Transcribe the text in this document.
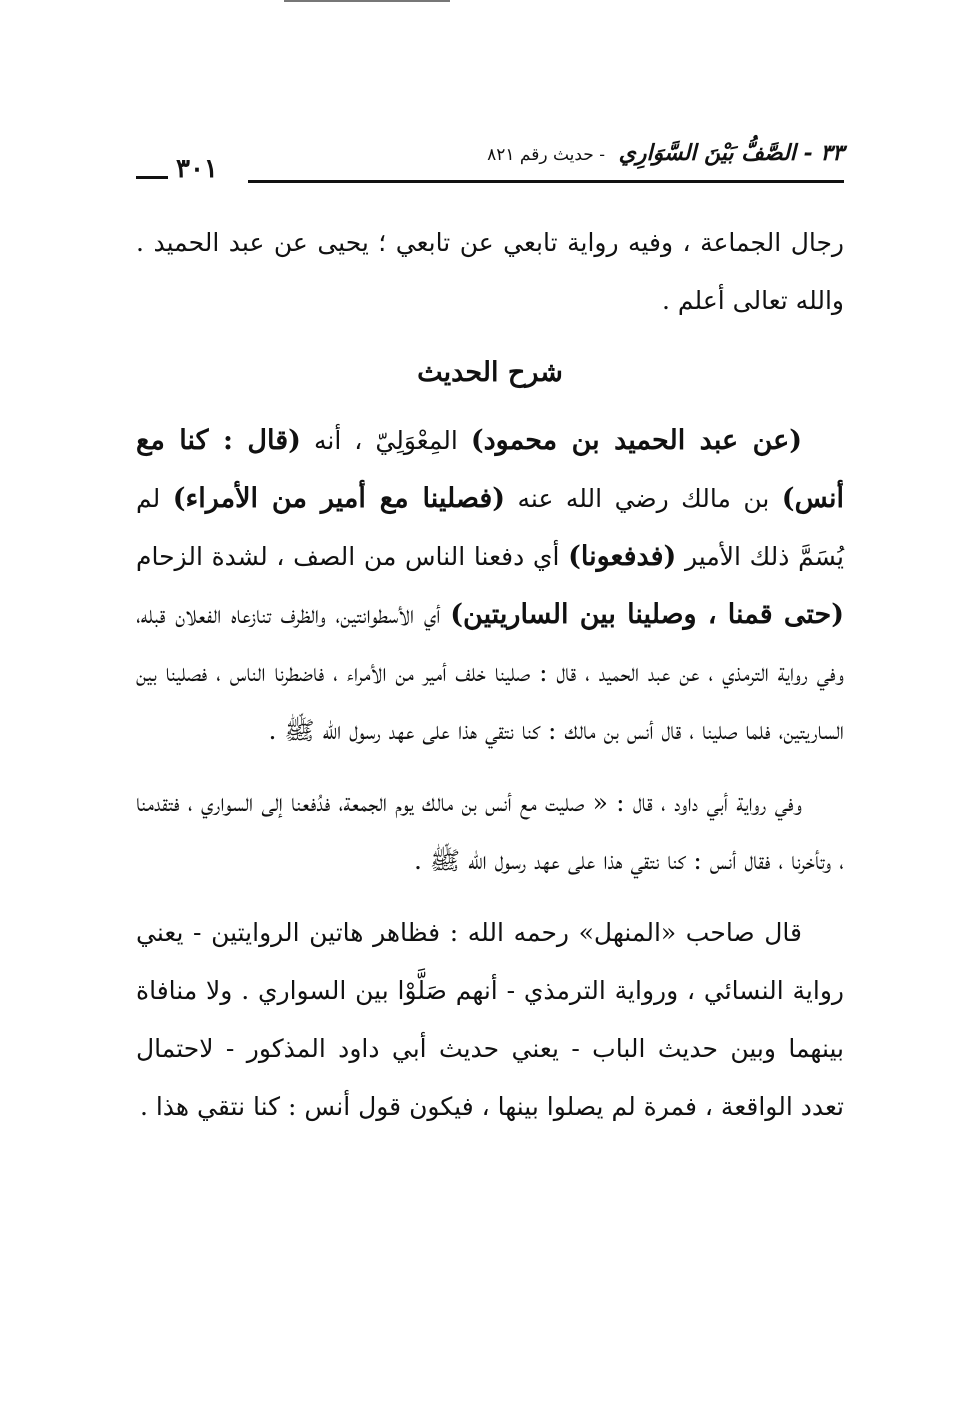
٣٣ - الصَّفُّ بَيْنَ السَّوَارِي - حديث رقم ٨٢١
٣٠١

رجال الجماعة ، وفيه رواية تابعي عن تابعي ؛ يحيى عن عبد الحميد . والله تعالى أعلم .

شرح الحديث

(عن عبد الحميد بن محمود) المِعْوَلِيّ ، أنه (قال : كنا مع أنس) بن مالك رضي الله عنه (فصلينا مع أمير من الأمراء) لم يُسَمَّ ذلك الأمير (فدفعونا) أي دفعنا الناس من الصف ، لشدة الزحام (حتى قمنا ، وصلينا بين الساريتين) أي الأسطوانتين، والظرف تنازعاه الفعلان قبله، وفي رواية الترمذي ، عن عبد الحميد ، قال : صلينا خلف أمير من الأمراء ، فاضطرنا الناس ، فصلينا بين الساريتين، فلما صلينا ، قال أنس بن مالك : كنا نتقي هذا على عهد رسول الله ﷺ .

وفي رواية أبي داود ، قال : « صليت مع أنس بن مالك يوم الجمعة، فدُفعنا إلى السواري ، فتقدمنا ، وتأخرنا ، فقال أنس : كنا نتقي هذا على عهد رسول الله ﷺ .

قال صاحب «المنهل» رحمه الله : فظاهر هاتين الروايتين - يعني رواية النسائي ، ورواية الترمذي - أنهم صَلَّوْا بين السواري . ولا منافاة بينهما وبين حديث الباب - يعني حديث أبي داود المذكور - لاحتمال تعدد الواقعة ، فمرة لم يصلوا بينها ، فيكون قول أنس : كنا نتقي هذا .
